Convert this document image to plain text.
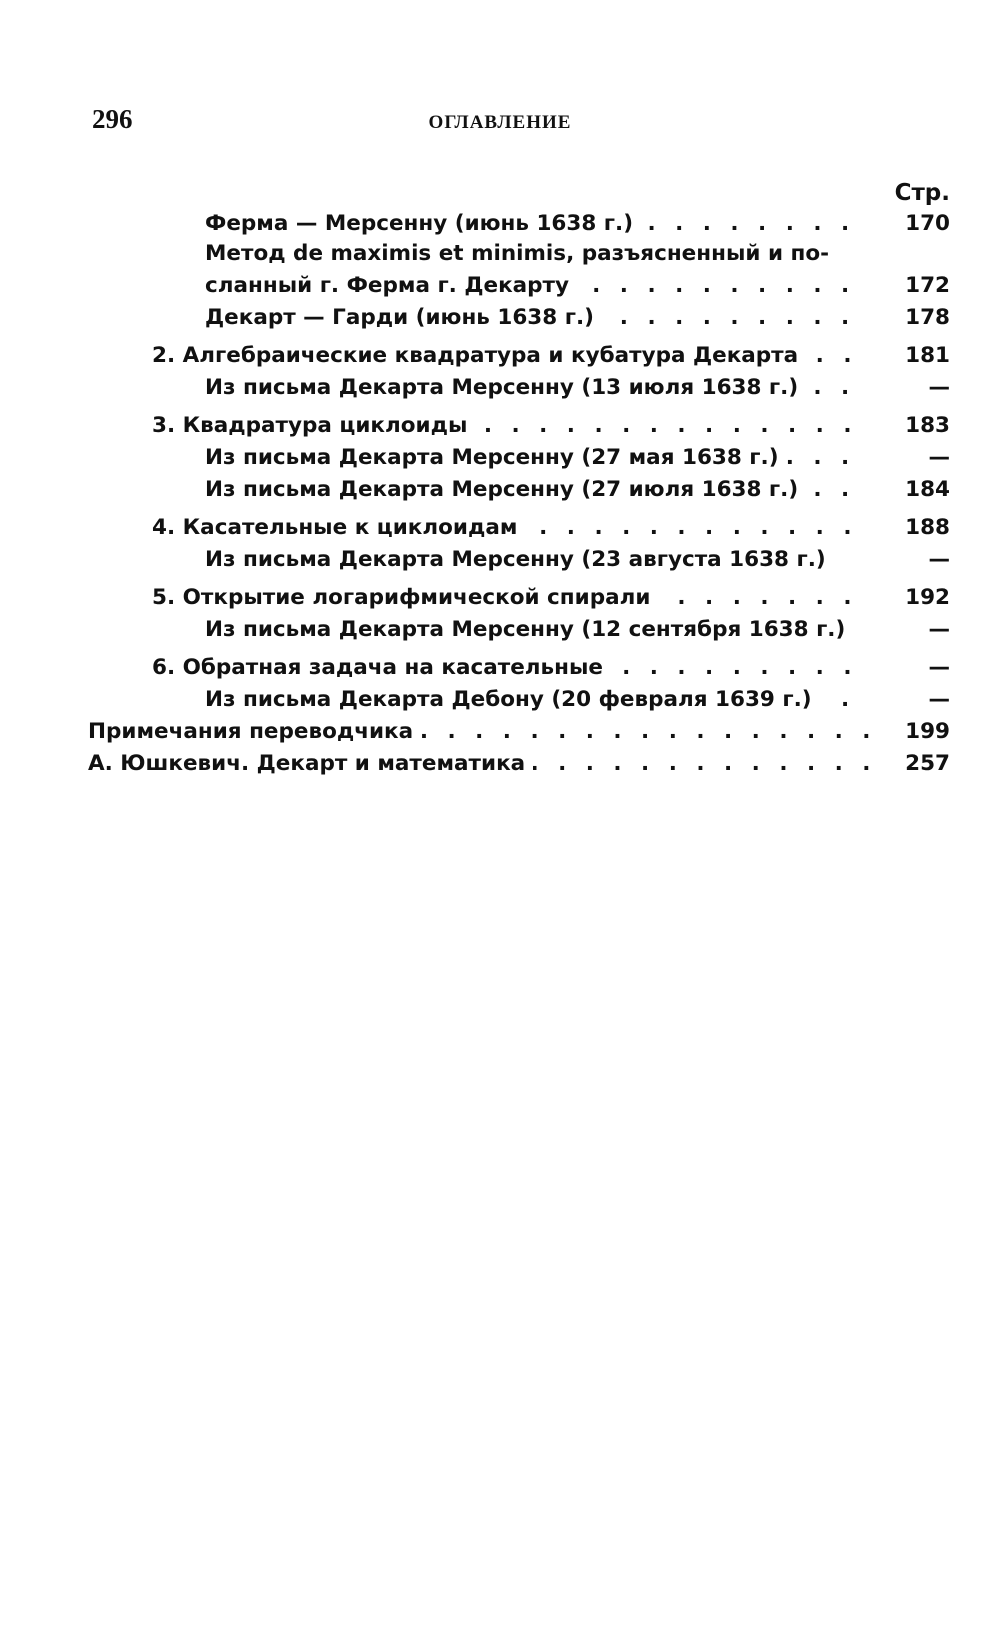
296	ОГЛАВЛЕНИЕ
Стр.
Ферма — Мерсенну (июнь 1638 г.) . . .	170
Метод de maximis et minimis, разъясненный и по-
сланный г. Ферма г. Декарту . . .	172
Декарт — Гарди (июнь 1638 г.) . . .	178
2. Алгебраические квадратура и кубатура Декарта . . .	181
Из письма Декарта Мерсенну (13 июля 1638 г.) . . .	—
3. Квадратура циклоиды . . .	183
Из письма Декарта Мерсенну (27 мая 1638 г.) . . .	—
Из письма Декарта Мерсенну (27 июля 1638 г.) . . .	184
4. Касательные к циклоидам . . .	188
Из письма Декарта Мерсенну (23 августа 1638 г.)	—
5. Открытие логарифмической спирали . . .	192
Из письма Декарта Мерсенну (12 сентября 1638 г.)	—
6. Обратная задача на касательные . . .	—
Из письма Декарта Дебону (20 февраля 1639 г.) . . .	—
Примечания переводчика . . .	199
А. Юшкевич. Декарт и математика . . .	257
